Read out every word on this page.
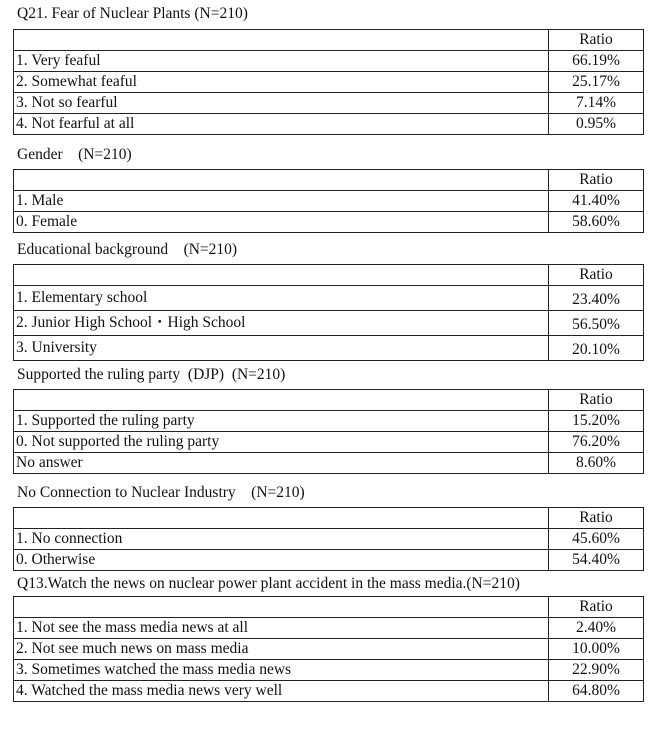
Q21. Fear of Nuclear Plants (N=210)
	Ratio
1. Very feaful	66.19%
2. Somewhat feaful	25.17%
3. Not so fearful	7.14%
4. Not fearful at all	0.95%
Gender    (N=210)
	Ratio
1. Male	41.40%
0. Female	58.60%
Educational background    (N=210)
	Ratio
1. Elementary school	23.40%
2. Junior High School・High School	56.50%
3. University	20.10%
Supported the ruling party  (DJP)  (N=210)
	Ratio
1. Supported the ruling party	15.20%
0. Not supported the ruling party	76.20%
No answer	8.60%
No Connection to Nuclear Industry    (N=210)
	Ratio
1. No connection	45.60%
0. Otherwise	54.40%
Q13.Watch the news on nuclear power plant accident in the mass media.(N=210)
	Ratio
1. Not see the mass media news at all	2.40%
2. Not see much news on mass media	10.00%
3. Sometimes watched the mass media news	22.90%
4. Watched the mass media news very well	64.80%
